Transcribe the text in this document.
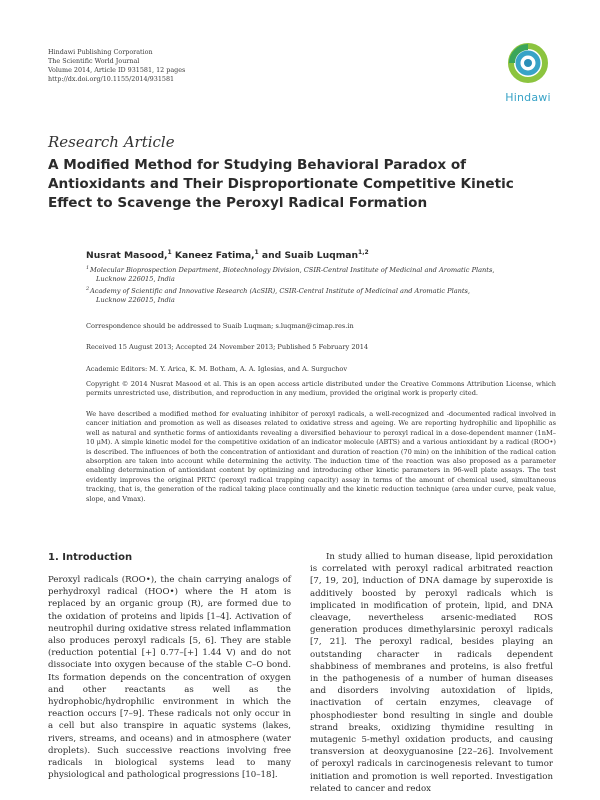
Hindawi Publishing Corporation
The Scientific World Journal
Volume 2014, Article ID 931581, 12 pages
http://dx.doi.org/10.1155/2014/931581
Hindawi
Research Article
A Modified Method for Studying Behavioral Paradox of
Antioxidants and Their Disproportionate Competitive Kinetic
Effect to Scavenge the Peroxyl Radical Formation
Nusrat Masood,$^1$ Kaneez Fatima,$^1$ and Suaib Luqman$^{1,2}$
1 Molecular Bioprospection Department, Biotechnology Division, CSIR-Central Institute of Medicinal and Aromatic Plants,
Lucknow 226015, India
2 Academy of Scientific and Innovative Research (AcSIR), CSIR-Central Institute of Medicinal and Aromatic Plants,
Lucknow 226015, India
Correspondence should be addressed to Suaib Luqman; s.luqman@cimap.res.in
Received 15 August 2013; Accepted 24 November 2013; Published 5 February 2014
Academic Editors: M. Y. Arica, K. M. Botham, A. A. Iglesias, and A. Surguchov
Copyright © 2014 Nusrat Masood et al. This is an open access article distributed under the Creative Commons Attribution License, which permits unrestricted use, distribution, and reproduction in any medium, provided the original work is properly cited.
We have described a modified method for evaluating inhibitor of peroxyl radicals, a well-recognized and -documented radical involved in cancer initiation and promotion as well as diseases related to oxidative stress and ageing. We are reporting hydrophilic and lipophilic as well as natural and synthetic forms of antioxidants revealing a diversified behaviour to peroxyl radical in a dose-dependent manner (1nM–10 μM). A simple kinetic model for the competitive oxidation of an indicator molecule (ABTS) and a various antioxidant by a radical (ROO•) is described. The influences of both the concentration of antioxidant and duration of reaction (70 min) on the inhibition of the radical cation absorption are taken into account while determining the activity. The induction time of the reaction was also proposed as a parameter enabling determination of antioxidant content by optimizing and introducing other kinetic parameters in 96-well plate assays. The test evidently improves the original PRTC (peroxyl radical trapping capacity) assay in terms of the amount of chemical used, simultaneous tracking, that is, the generation of the radical taking place continually and the kinetic reduction technique (area under curve, peak value, slope, and Vmax).
1. Introduction

Peroxyl radicals (ROO•), the chain carrying analogs of perhydroxyl radical (HOO•) where the H atom is replaced by an organic group (R), are formed due to the oxidation of proteins and lipids [1–4]. Activation of neutrophil during oxidative stress related inflammation also produces peroxyl radicals [5, 6]. They are stable (reduction potential [+] 0.77–[+] 1.44 V) and do not dissociate into oxygen because of the stable C–O bond. Its formation depends on the concentration of oxygen and other reactants as well as the hydrophobic/hydrophilic environment in which the reaction occurs [7–9]. These radicals not only occur in a cell but also transpire in aquatic systems (lakes, rivers, streams, and oceans) and in atmosphere (water droplets). Such successive reactions involving free radicals in biological systems lead to many physiological and pathological progressions [10–18].

In study allied to human disease, lipid peroxidation is correlated with peroxyl radical arbitrated reaction [7, 19, 20], induction of DNA damage by superoxide is additively boosted by peroxyl radicals which is implicated in modification of protein, lipid, and DNA cleavage, nevertheless arsenic-mediated ROS generation produces dimethylarsinic peroxyl radicals [7, 21]. The peroxyl radical, besides playing an outstanding character in radicals dependent shabbiness of membranes and proteins, is also fretful in the pathogenesis of a number of human diseases and disorders involving autoxidation of lipids, inactivation of certain enzymes, cleavage of phosphodiester bond resulting in single and double strand breaks, oxidizing thymidine resulting in mutagenic 5-methyl oxidation products, and causing transversion at deoxyguanosine [22–26]. Involvement of peroxyl radicals in carcinogenesis relevant to tumor initiation and promotion is well reported. Investigation related to cancer and redox
